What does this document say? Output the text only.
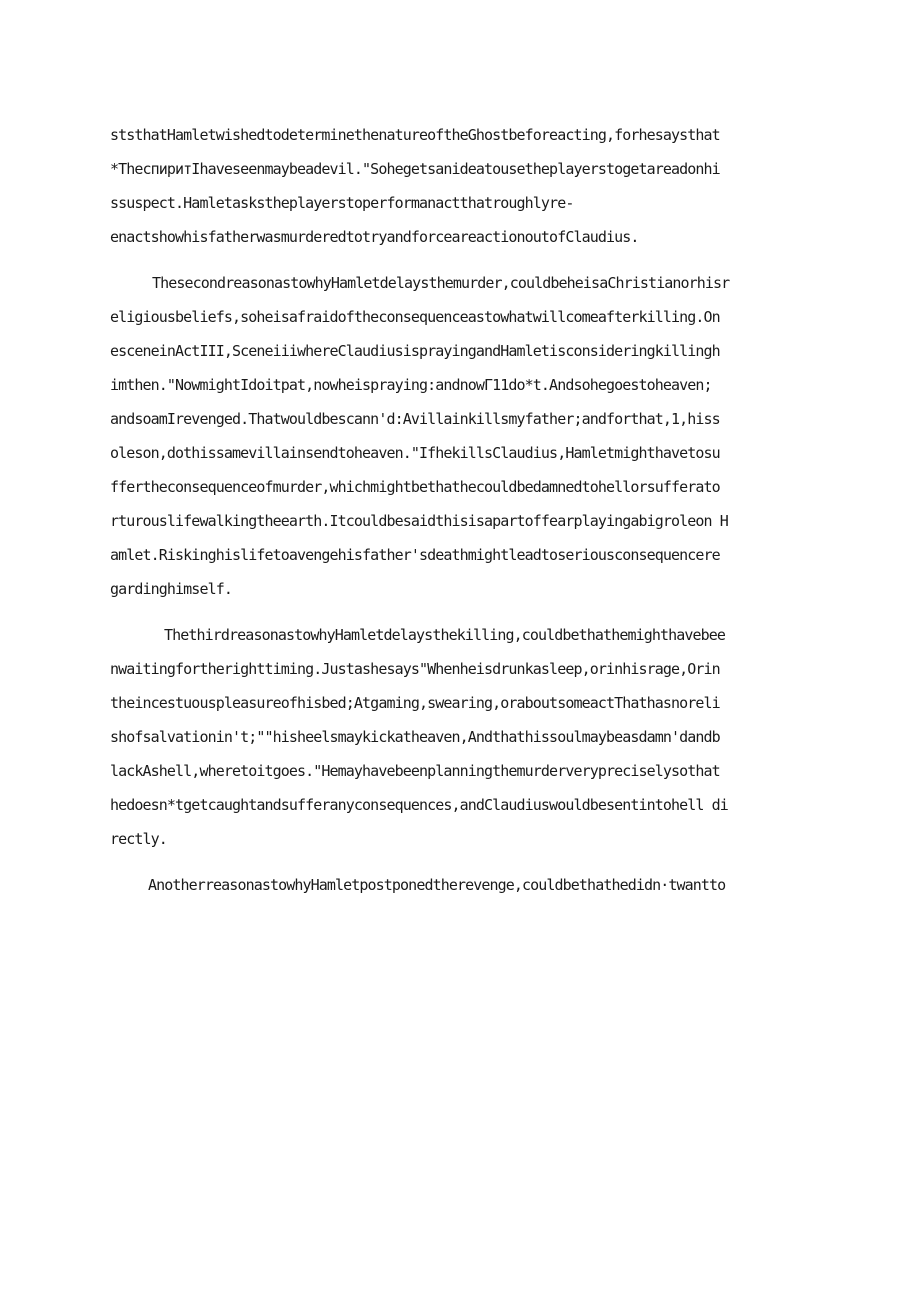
ststhatHamletwishedtodeterminethenatureoftheGhostbeforeacting,forhesaysthat
*TheспиритIhaveseenmaybeadevil."Sohegetsanideatousetheplayerstogetareadonhi
ssuspect.Hamletaskstheplayerstoperformanactthatroughlyre-
enactshowhisfatherwasmurderedtotryandforceareactionoutofClaudius.
ThesecondreasonastowhyHamletdelaysthemurder,couldbeheisaChristianorhisr
eligiousbeliefs,soheisafraidoftheconsequenceastowhatwillcomeafterkilling.On
esceneinActIII,SceneiiiwhereClaudiusisprayingandHamletisconsideringkillingh
imthen."NowmightIdoitpat,nowheispraying:andnowΓ11do*t.Andsohegoestoheaven;
andsoamIrevenged.Thatwouldbescann'd:Avillainkillsmyfather;andforthat,1,hiss
oleson,dothissamevillainsendtoheaven."IfhekillsClaudius,Hamletmighthavetosu
ffertheconsequenceofmurder,whichmightbethathecouldbedamnedtohellorsufferato
rturouslifewalkingtheearth.Itcouldbesaidthisisapartoffearplayingabigroleon H
amlet.Riskinghislifetoavengehisfather'sdeathmightleadtoseriousconsequencere
gardinghimself.
ThethirdreasonastowhyHamletdelaysthekilling,couldbethathemighthavebee
nwaitingfortherighttiming.Justashesays"Whenheisdrunkasleep,orinhisrage,Orin
theincestuouspleasureofhisbed;Atgaming,swearing,oraboutsomeactThathasnoreli
shofsalvationin't;""hisheelsmaykickatheaven,Andthathissoulmaybeasdamn'dandb
lackAshell,wheretoitgoes."Hemayhavebeenplanningthemurderverypreciselysothat
hedoesn*tgetcaughtandsufferanyconsequences,andClaudiuswouldbesentintohell di
rectly.
AnotherreasonastowhyHamletpostponedtherevenge,couldbethathedidn·twantto
